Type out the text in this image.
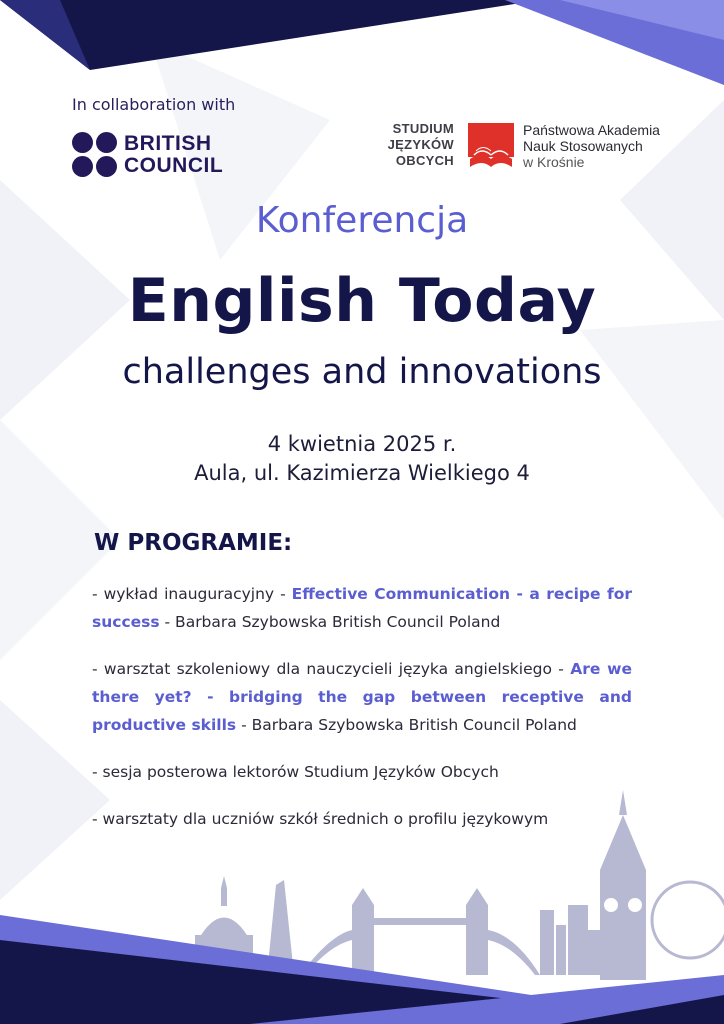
In collaboration with
BRITISH
COUNCIL
STUDIUM
JĘZYKÓW
OBCYCH
Państwowa Akademia
Nauk Stosowanych
w Krośnie
Konferencja
English Today
challenges and innovations
4 kwietnia 2025 r.
Aula, ul. Kazimierza Wielkiego 4
W PROGRAMIE:

- wykład inauguracyjny - Effective Communication - a recipe for success - Barbara Szybowska British Council Poland

- warsztat szkoleniowy dla nauczycieli języka angielskiego - Are we there yet? - bridging the gap between receptive and productive skills - Barbara Szybowska British Council Poland

- sesja posterowa lektorów Studium Języków Obcych

- warsztaty dla uczniów szkół średnich o profilu językowym
